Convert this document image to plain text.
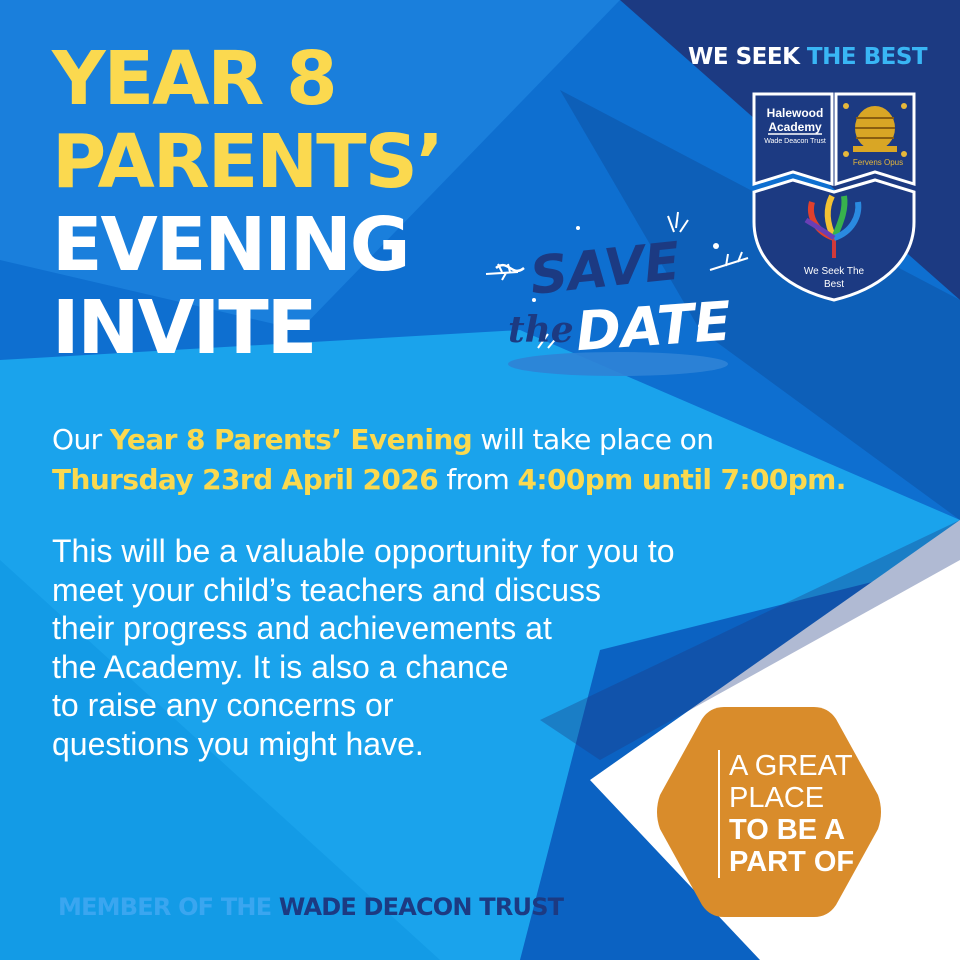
YEAR 8
PARENTS’
EVENING
INVITE
WE SEEK THE BEST
Halewood
Academy
Wade Deacon Trust
Fervens Opus
We Seek The
Best
SAVE
the DATE
Our Year 8 Parents’ Evening will take place on
Thursday 23rd April 2026 from 4:00pm until 7:00pm.
This will be a valuable opportunity for you to
meet your child’s teachers and discuss
their progress and achievements at
the Academy. It is also a chance
to raise any concerns or
questions you might have.
A GREAT
PLACE
TO BE A
PART OF
MEMBER OF THE WADE DEACON TRUST
